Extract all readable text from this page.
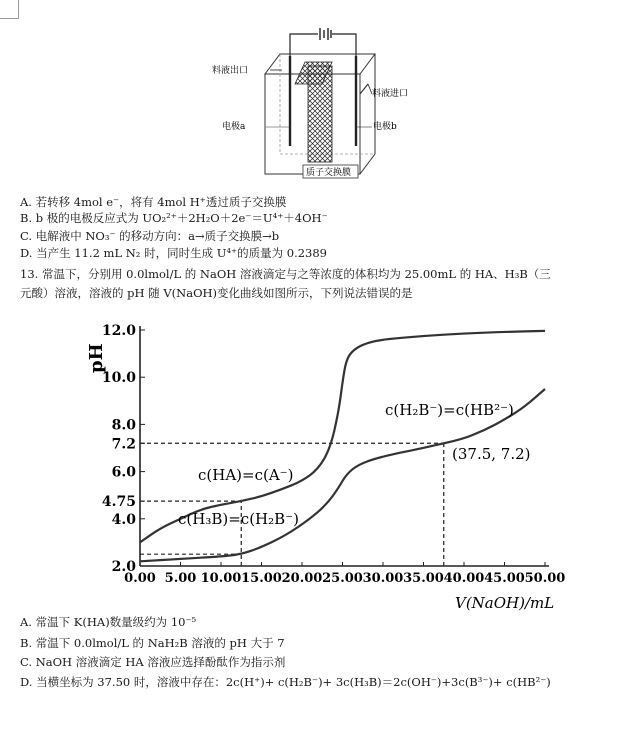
料液出口
料液进口
电极a	电极b
质子交换膜
A. 若转移 4mol e⁻，将有 4mol H⁺透过质子交换膜
B. b 极的电极反应式为 UO₂²⁺＋2H₂O＋2e⁻＝U⁴⁺＋4OH⁻
C. 电解液中 NO₃⁻ 的移动方向：a→质子交换膜→b
D. 当产生 11.2 mL N₂ 时，同时生成 U⁴⁺的质量为 0.2389
13. 常温下，分别用 0.0lmol/L 的 NaOH 溶液滴定与之等浓度的体积均为 25.00mL 的 HA、H₃B（三
元酸）溶液，溶液的 pH 随 V(NaOH)变化曲线如图所示，下列说法错误的是
2.0
4.0
4.75
6.0
7.2
8.0
10.0
12.0
0.00 5.00 10.00 15.00 20.00 25.00 30.00 35.00 40.00 45.00 50.00
pH
V(NaOH)/mL
c(H₂B⁻)=c(HB²⁻)
(37.5, 7.2)
c(HA)=c(A⁻)
c(H₃B)=c(H₂B⁻)
A. 常温下 K(HA)数量级约为 10⁻⁵
B. 常温下 0.0lmol/L 的 NaH₂B 溶液的 pH 大于 7
C. NaOH 溶液滴定 HA 溶液应选择酚酞作为指示剂
D. 当横坐标为 37.50 时，溶液中存在：2c(H⁺)+ c(H₂B⁻)+ 3c(H₃B)＝2c(OH⁻)+3c(B³⁻)+ c(HB²⁻)
